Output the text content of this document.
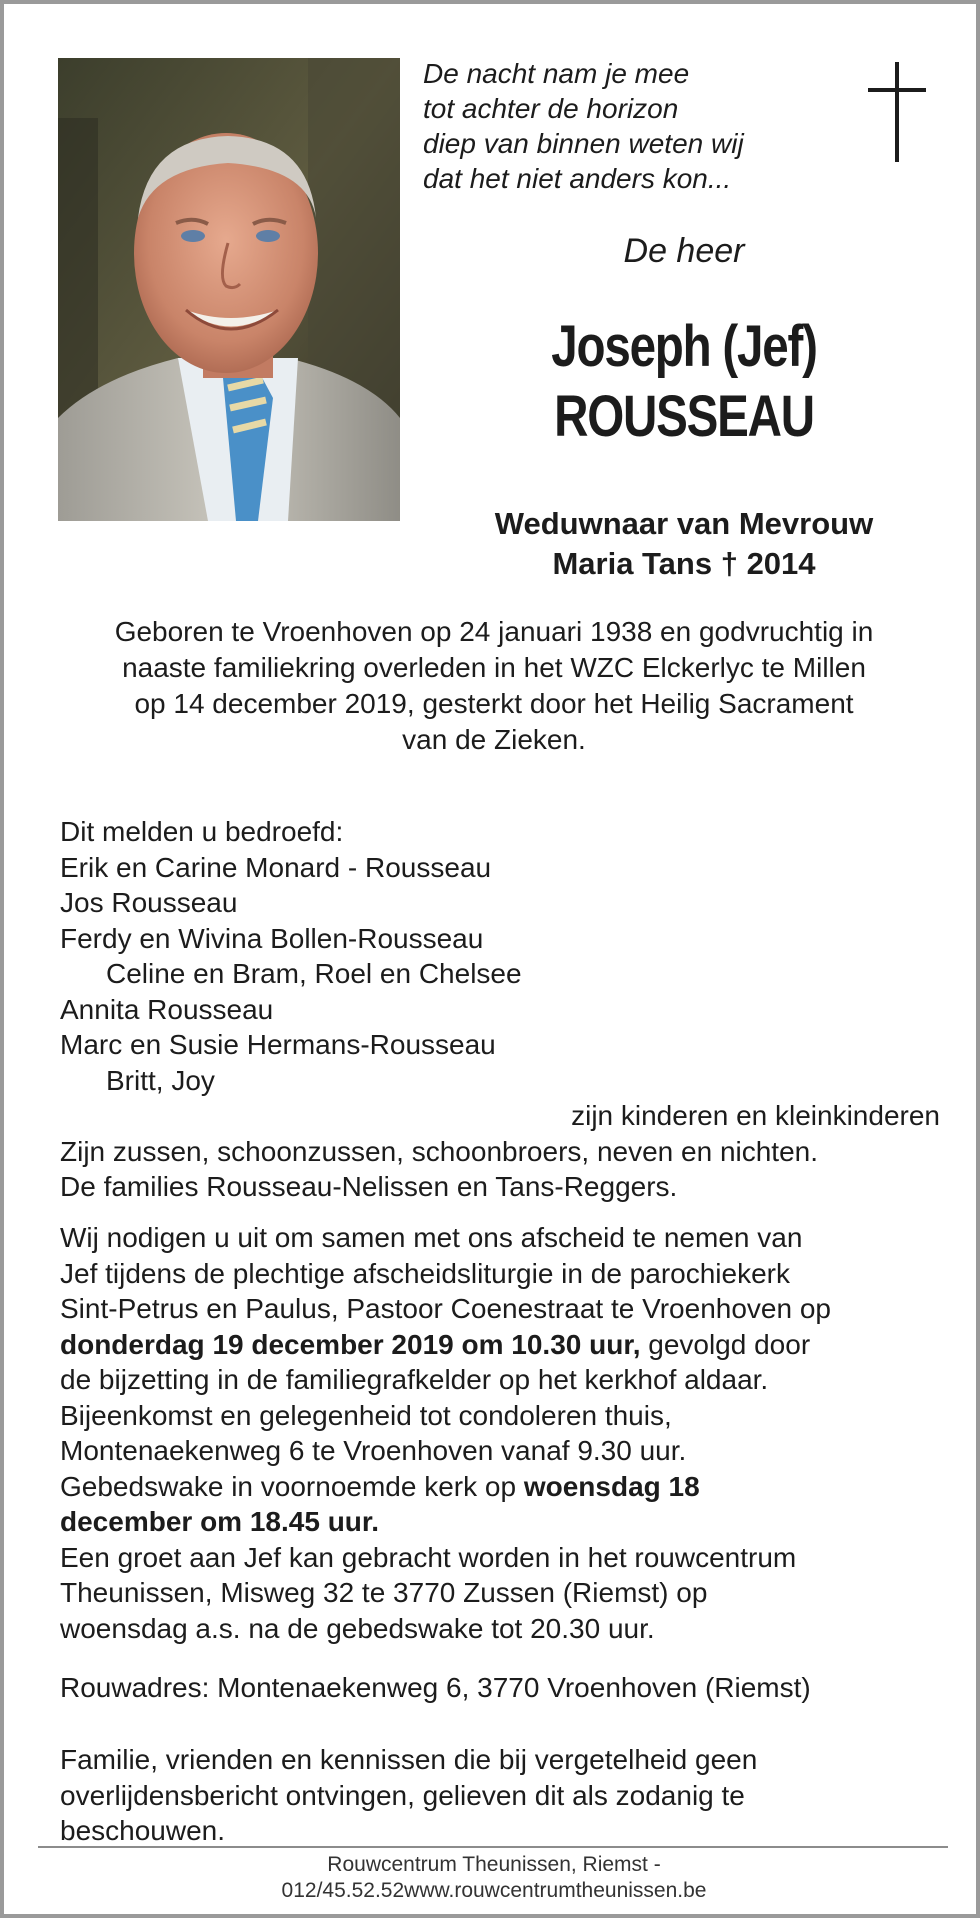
De nacht nam je mee
tot achter de horizon
diep van binnen weten wij
dat het niet anders kon...
De heer
Joseph (Jef)
ROUSSEAU
Weduwnaar van Mevrouw
Maria Tans † 2014
Geboren te Vroenhoven op 24 januari 1938 en godvruchtig in
naaste familiekring overleden in het WZC Elckerlyc te Millen
op 14 december 2019, gesterkt door het Heilig Sacrament
van de Zieken.
Dit melden u bedroefd:
Erik en Carine Monard - Rousseau
Jos Rousseau
Ferdy en Wivina Bollen-Rousseau
Celine en Bram, Roel en Chelsee
Annita Rousseau
Marc en Susie Hermans-Rousseau
Britt, Joy
zijn kinderen en kleinkinderen
Zijn zussen, schoonzussen, schoonbroers, neven en nichten.
De families Rousseau-Nelissen en Tans-Reggers.
Wij nodigen u uit om samen met ons afscheid te nemen van
Jef tijdens de plechtige afscheidsliturgie in de parochiekerk
Sint-Petrus en Paulus, Pastoor Coenestraat te Vroenhoven op
donderdag 19 december 2019 om 10.30 uur, gevolgd door
de bijzetting in de familiegrafkelder op het kerkhof aldaar.
Bijeenkomst en gelegenheid tot condoleren thuis,
Montenaekenweg 6 te Vroenhoven vanaf 9.30 uur.
Gebedswake in voornoemde kerk op woensdag 18
december om 18.45 uur.
Een groet aan Jef kan gebracht worden in het rouwcentrum
Theunissen, Misweg 32 te 3770 Zussen (Riemst) op
woensdag a.s. na de gebedswake tot 20.30 uur.
Rouwadres: Montenaekenweg 6, 3770 Vroenhoven (Riemst)
Familie, vrienden en kennissen die bij vergetelheid geen
overlijdensbericht ontvingen, gelieven dit als zodanig te
beschouwen.
Rouwcentrum Theunissen, Riemst -
012/45.52.52www.rouwcentrumtheunissen.be
